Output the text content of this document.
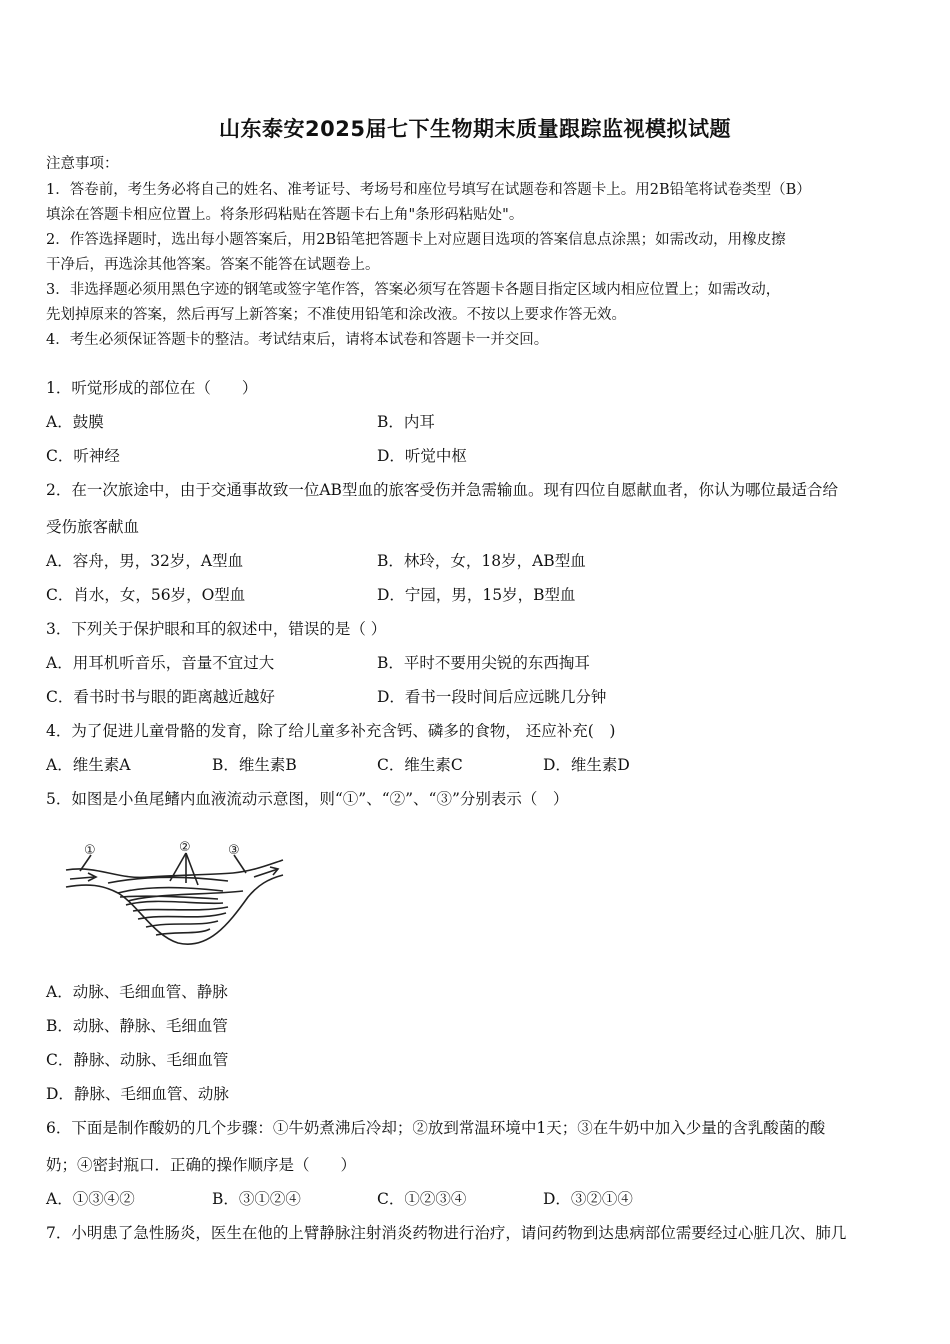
山东泰安2025届七下生物期末质量跟踪监视模拟试题
注意事项：
1．答卷前，考生务必将自己的姓名、准考证号、考场号和座位号填写在试题卷和答题卡上。用2B铅笔将试卷类型（B）
填涂在答题卡相应位置上。将条形码粘贴在答题卡右上角"条形码粘贴处"。
2．作答选择题时，选出每小题答案后，用2B铅笔把答题卡上对应题目选项的答案信息点涂黑；如需改动，用橡皮擦
干净后，再选涂其他答案。答案不能答在试题卷上。
3．非选择题必须用黑色字迹的钢笔或签字笔作答，答案必须写在答题卡各题目指定区域内相应位置上；如需改动，
先划掉原来的答案，然后再写上新答案；不准使用铅笔和涂改液。不按以上要求作答无效。
4．考生必须保证答题卡的整洁。考试结束后，请将本试卷和答题卡一并交回。
1．听觉形成的部位在（　　）
A．鼓膜	B．内耳
C．听神经	D．听觉中枢
2．在一次旅途中，由于交通事故致一位AB型血的旅客受伤并急需输血。现有四位自愿献血者，你认为哪位最适合给
受伤旅客献血
A．容舟，男，32岁，A型血	B．林玲，女，18岁，AB型血
C．肖水，女，56岁，O型血	D．宁园，男，15岁，B型血
3．下列关于保护眼和耳的叙述中，错误的是（ ）
A．用耳机听音乐，音量不宜过大	B．平时不要用尖锐的东西掏耳
C．看书时书与眼的距离越近越好	D．看书一段时间后应远眺几分钟
4．为了促进儿童骨骼的发育，除了给儿童多补充含钙、磷多的食物， 还应补充(　)
A．维生素A	B．维生素B	C．维生素C	D．维生素D
5．如图是小鱼尾鳍内血液流动示意图，则“①”、“②”、“③”分别表示（　）
①	②	③
A．动脉、毛细血管、静脉
B．动脉、静脉、毛细血管
C．静脉、动脉、毛细血管
D．静脉、毛细血管、动脉
6．下面是制作酸奶的几个步骤：①牛奶煮沸后冷却；②放到常温环境中1天；③在牛奶中加入少量的含乳酸菌的酸
奶；④密封瓶口．正确的操作顺序是（　　）
A．①③④②	B．③①②④	C．①②③④	D．③②①④
7．小明患了急性肠炎，医生在他的上臂静脉注射消炎药物进行治疗，请问药物到达患病部位需要经过心脏几次、肺几
